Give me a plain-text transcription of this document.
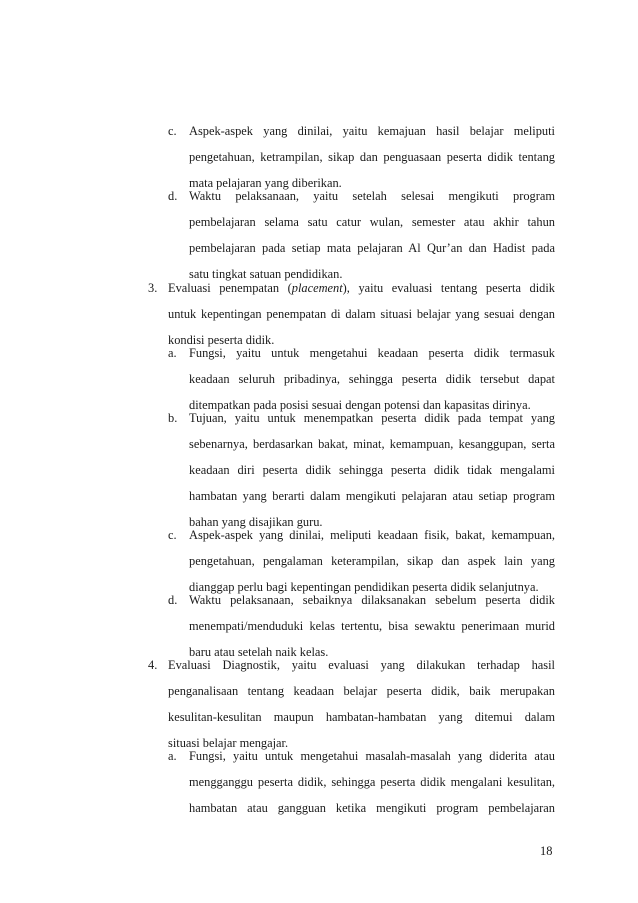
c. Aspek-aspek yang dinilai, yaitu kemajuan hasil belajar meliputi
pengetahuan, ketrampilan, sikap dan penguasaan peserta didik tentang
mata pelajaran yang diberikan.
d. Waktu pelaksanaan, yaitu setelah selesai mengikuti program
pembelajaran selama satu catur wulan, semester atau akhir tahun
pembelajaran pada setiap mata pelajaran Al Qur’an dan Hadist pada
satu tingkat satuan pendidikan.
3. Evaluasi penempatan (placement), yaitu evaluasi tentang peserta didik
untuk kepentingan penempatan di dalam situasi belajar yang sesuai dengan
kondisi peserta didik.
a. Fungsi, yaitu untuk mengetahui keadaan peserta didik termasuk
keadaan seluruh pribadinya, sehingga peserta didik tersebut dapat
ditempatkan pada posisi sesuai dengan potensi dan kapasitas dirinya.
b. Tujuan, yaitu untuk menempatkan peserta didik pada tempat yang
sebenarnya, berdasarkan bakat, minat, kemampuan, kesanggupan, serta
keadaan diri peserta didik sehingga peserta didik tidak mengalami
hambatan yang berarti dalam mengikuti pelajaran atau setiap program
bahan yang disajikan guru.
c. Aspek-aspek yang dinilai, meliputi keadaan fisik, bakat, kemampuan,
pengetahuan, pengalaman keterampilan, sikap dan aspek lain yang
dianggap perlu bagi kepentingan pendidikan peserta didik selanjutnya.
d. Waktu pelaksanaan, sebaiknya dilaksanakan sebelum peserta didik
menempati/menduduki kelas tertentu, bisa sewaktu penerimaan murid
baru atau setelah naik kelas.
4. Evaluasi Diagnostik, yaitu evaluasi yang dilakukan terhadap hasil
penganalisaan tentang keadaan belajar peserta didik, baik merupakan
kesulitan-kesulitan maupun hambatan-hambatan yang ditemui dalam
situasi belajar mengajar.
a. Fungsi, yaitu untuk mengetahui masalah-masalah yang diderita atau
mengganggu peserta didik, sehingga peserta didik mengalani kesulitan,
hambatan atau gangguan ketika mengikuti program pembelajaran
18
